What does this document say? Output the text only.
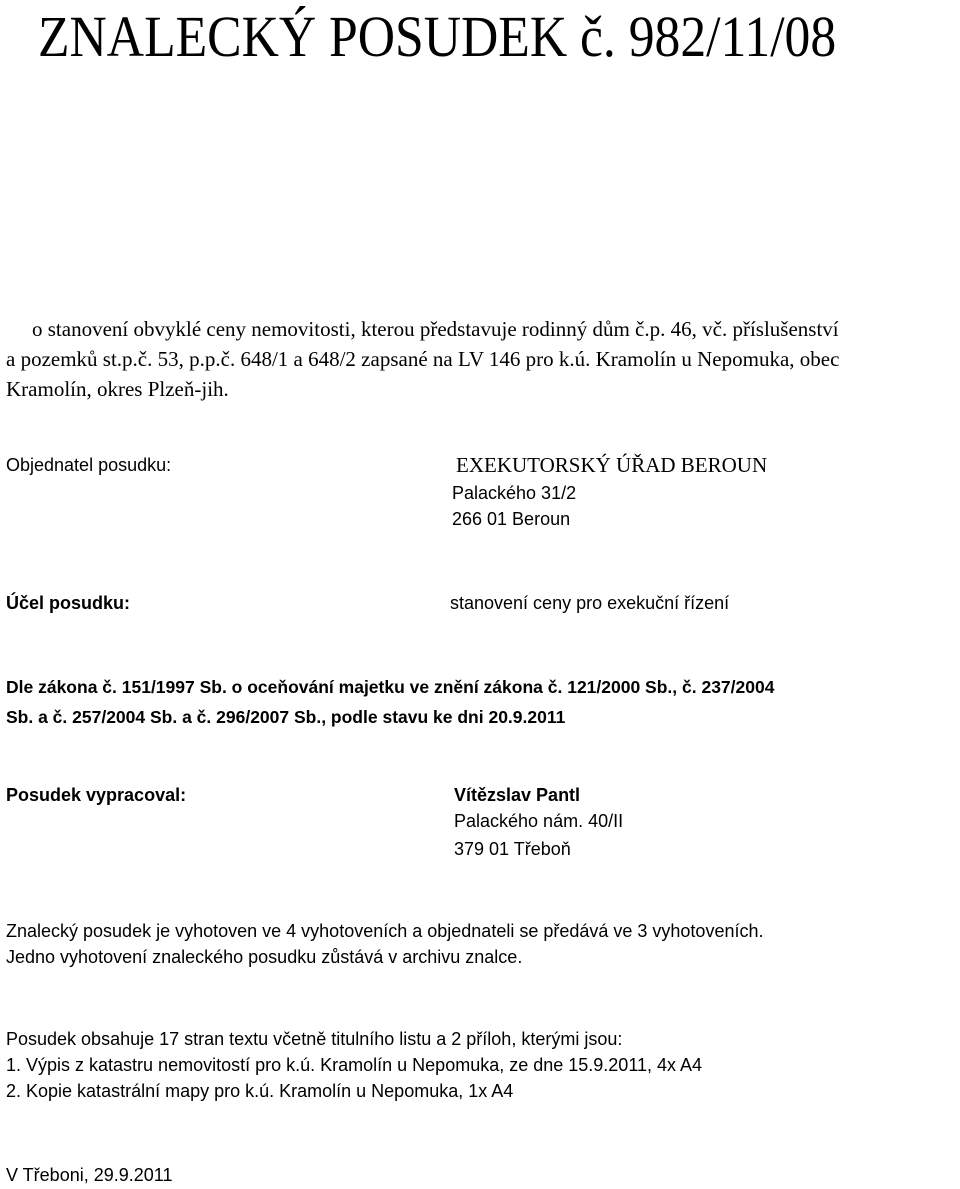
ZNALECKÝ POSUDEK č. 982/11/08
o stanovení obvyklé ceny nemovitosti, kterou představuje rodinný dům č.p. 46, vč. příslušenství
a pozemků st.p.č. 53, p.p.č. 648/1 a 648/2 zapsané na LV 146 pro k.ú. Kramolín u Nepomuka, obec
Kramolín, okres Plzeň-jih.
Objednatel posudku:	EXEKUTORSKÝ ÚŘAD BEROUN
Palackého 31/2
266 01 Beroun
Účel posudku:	stanovení ceny pro exekuční řízení
Dle zákona č. 151/1997 Sb. o oceňování majetku ve znění zákona č. 121/2000 Sb., č. 237/2004
Sb. a č. 257/2004 Sb. a č. 296/2007 Sb., podle stavu ke dni 20.9.2011
Posudek vypracoval:	Vítězslav Pantl
Palackého nám. 40/II
379 01 Třeboň
Znalecký posudek je vyhotoven ve 4 vyhotoveních a objednateli se předává ve 3 vyhotoveních.
Jedno vyhotovení znaleckého posudku zůstává v archivu znalce.
Posudek obsahuje 17 stran textu včetně titulního listu a 2 příloh, kterými jsou:
1. Výpis z katastru nemovitostí pro k.ú. Kramolín u Nepomuka, ze dne 15.9.2011, 4x A4
2. Kopie katastrální mapy pro k.ú. Kramolín u Nepomuka, 1x A4
V Třeboni, 29.9.2011
